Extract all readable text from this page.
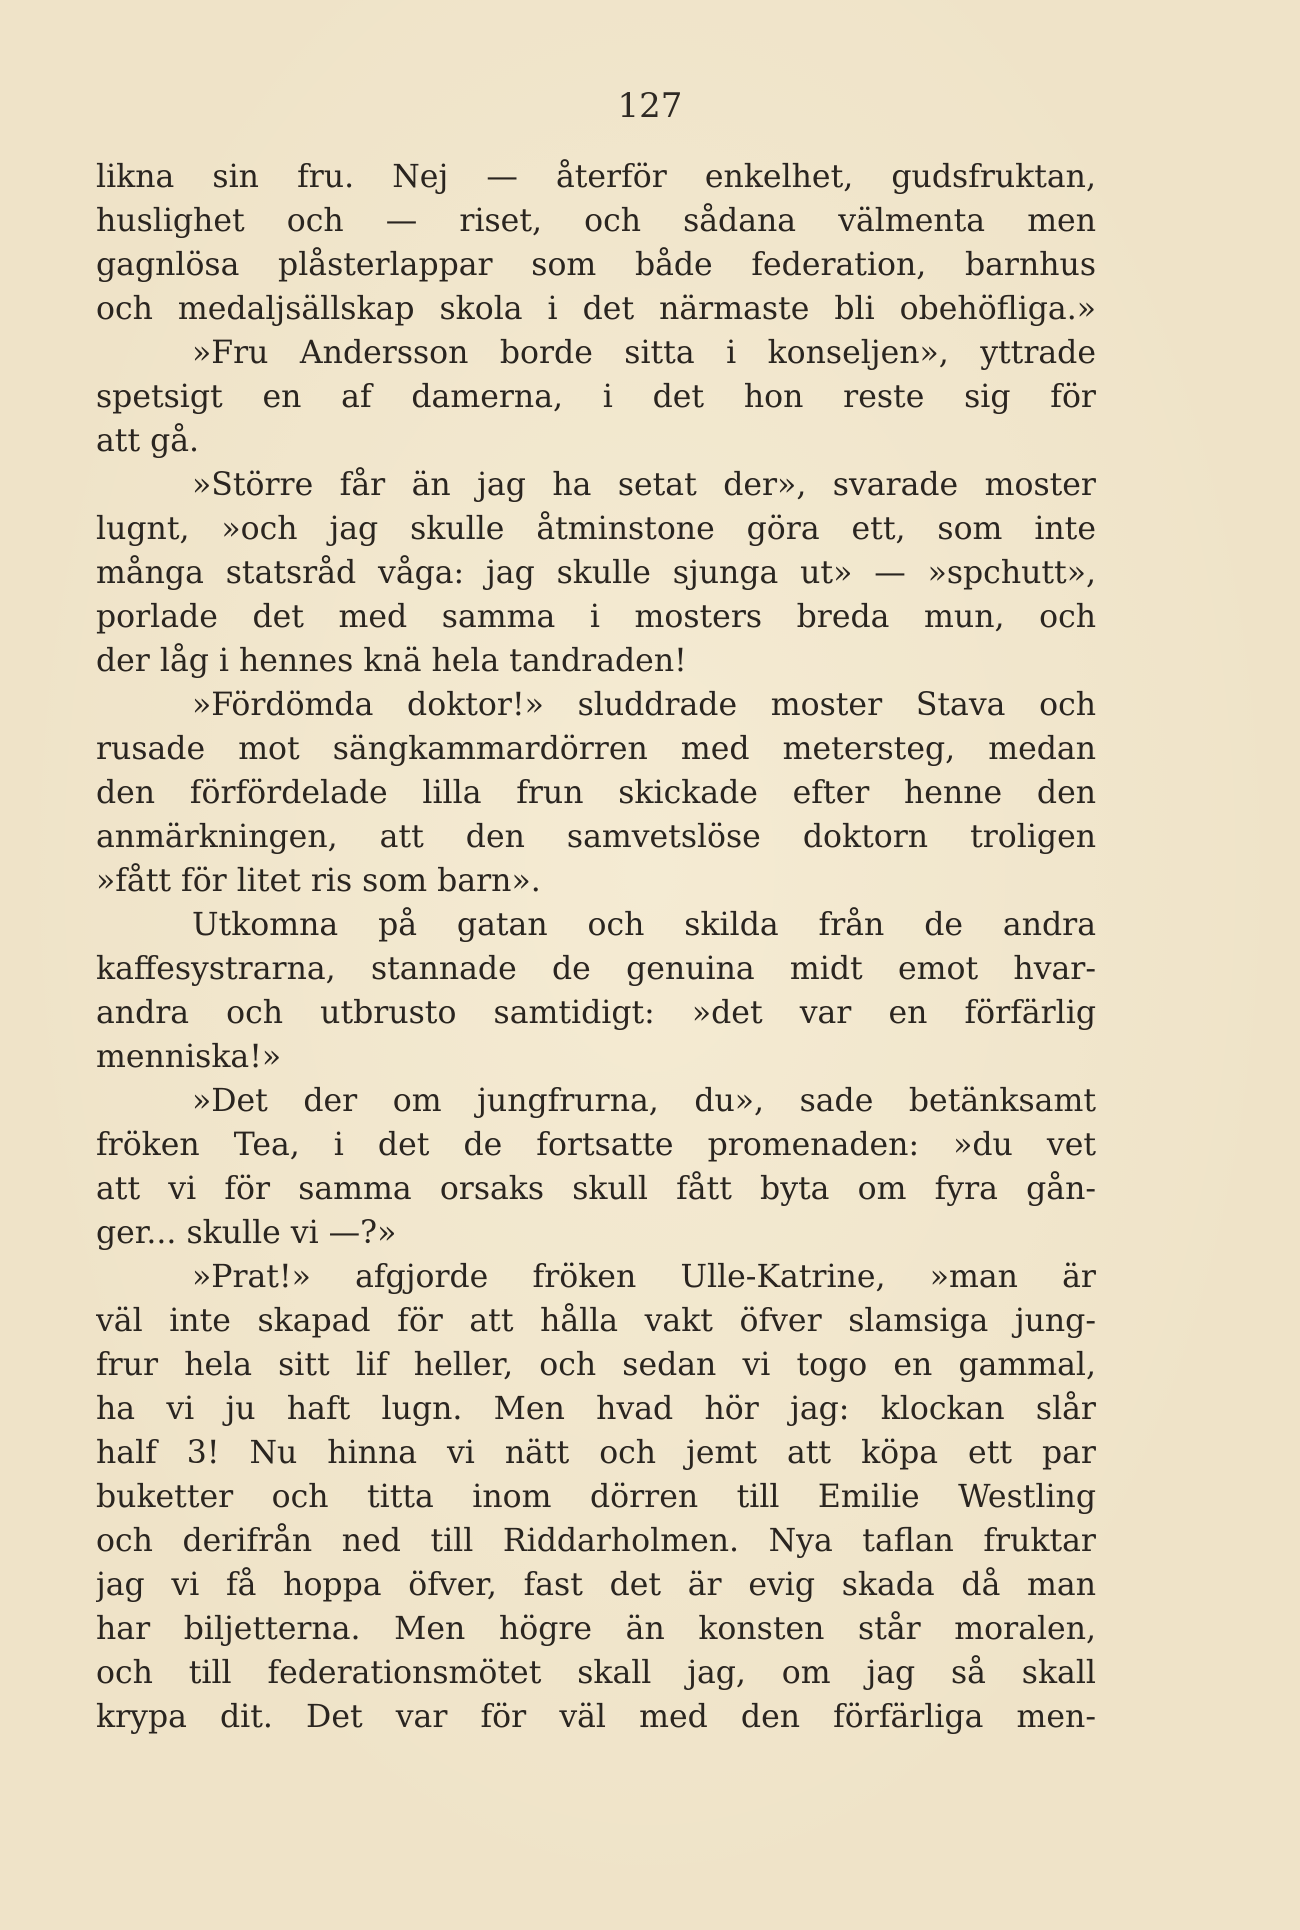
127

likna sin fru. Nej — återför enkelhet, gudsfruktan,
huslighet och — riset, och sådana välmenta men
gagnlösa plåsterlappar som både federation, barnhus
och medaljsällskap skola i det närmaste bli obehöfliga.»
»Fru Andersson borde sitta i konseljen», yttrade
spetsigt en af damerna, i det hon reste sig för
att gå.
»Större får än jag ha setat der», svarade moster
lugnt, »och jag skulle åtminstone göra ett, som inte
många statsråd våga: jag skulle sjunga ut» — »spchutt»,
porlade det med samma i mosters breda mun, och
der låg i hennes knä hela tandraden!
»Fördömda doktor!» sluddrade moster Stava och
rusade mot sängkammardörren med metersteg, medan
den förfördelade lilla frun skickade efter henne den
anmärkningen, att den samvetslöse doktorn troligen
»fått för litet ris som barn».
Utkomna på gatan och skilda från de andra
kaffesystrarna, stannade de genuina midt emot hvar-
andra och utbrusto samtidigt: »det var en förfärlig
menniska!»
»Det der om jungfrurna, du», sade betänksamt
fröken Tea, i det de fortsatte promenaden: »du vet
att vi för samma orsaks skull fått byta om fyra gån-
ger... skulle vi —?»
»Prat!» afgjorde fröken Ulle-Katrine, »man är
väl inte skapad för att hålla vakt öfver slamsiga jung-
frur hela sitt lif heller, och sedan vi togo en gammal,
ha vi ju haft lugn. Men hvad hör jag: klockan slår
half 3! Nu hinna vi nätt och jemt att köpa ett par
buketter och titta inom dörren till Emilie Westling
och derifrån ned till Riddarholmen. Nya taflan fruktar
jag vi få hoppa öfver, fast det är evig skada då man
har biljetterna. Men högre än konsten står moralen,
och till federationsmötet skall jag, om jag så skall
krypa dit. Det var för väl med den förfärliga men-
